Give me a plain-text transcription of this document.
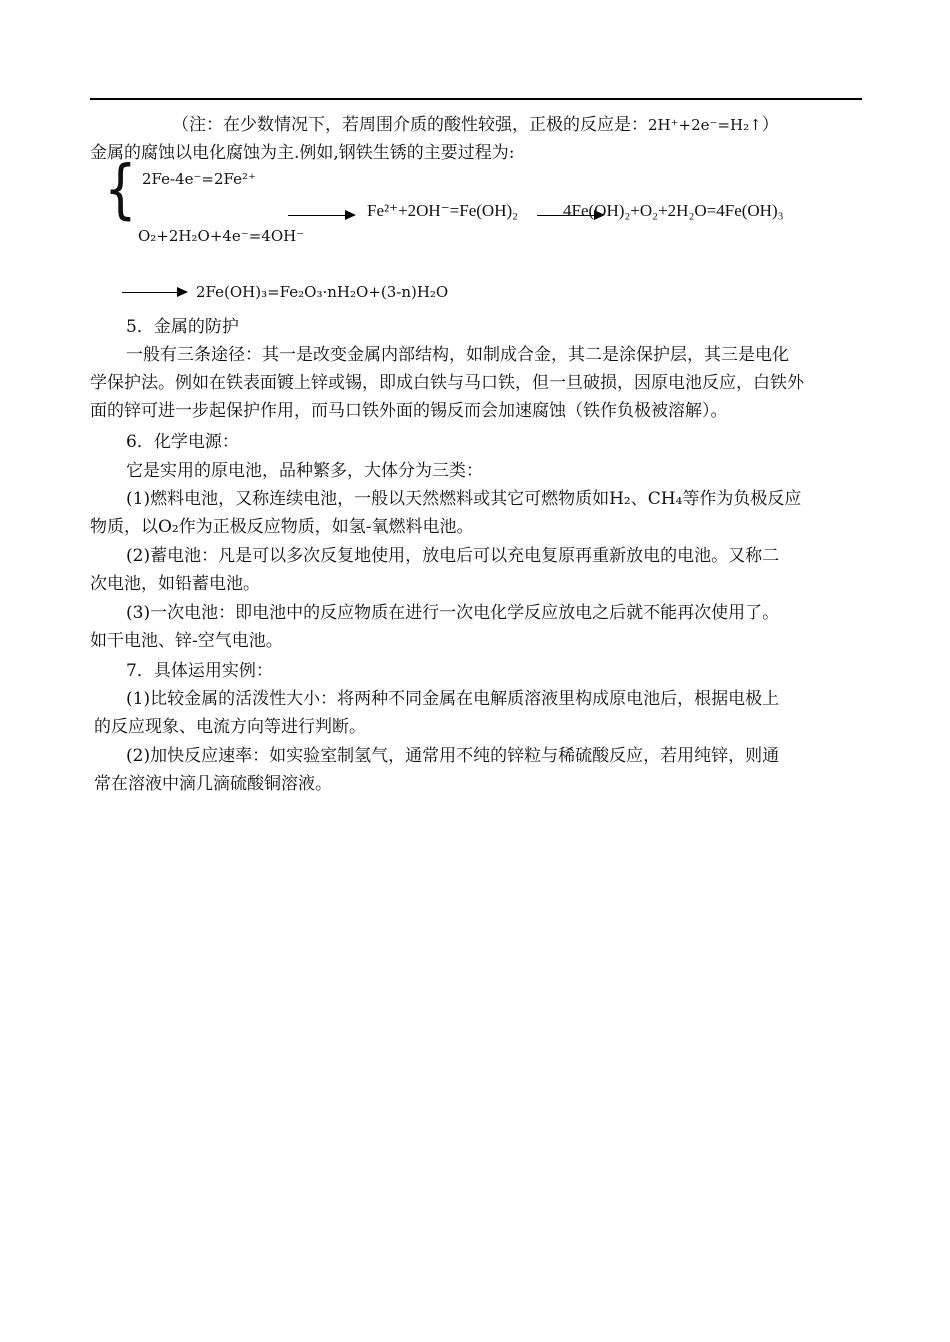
（注：在少数情况下，若周围介质的酸性较强，正极的反应是：2H⁺+2e⁻=H₂↑）
金属的腐蚀以电化腐蚀为主.例如,钢铁生锈的主要过程为:
{ 2Fe-4e⁻=2Fe²⁺
O₂+2H₂O+4e⁻=4OH⁻
Fe²⁺+2OH⁻=Fe(OH)₂	4Fe(OH)₂+O₂+2H₂O=4Fe(OH)₃
2Fe(OH)₃=Fe₂O₃·nH₂O+(3-n)H₂O
5．金属的防护
一般有三条途径：其一是改变金属内部结构，如制成合金，其二是涂保护层，其三是电化
学保护法。例如在铁表面镀上锌或锡，即成白铁与马口铁，但一旦破损，因原电池反应，白铁外
面的锌可进一步起保护作用，而马口铁外面的锡反而会加速腐蚀（铁作负极被溶解）。
6．化学电源：
它是实用的原电池，品种繁多，大体分为三类：
(1)燃料电池，又称连续电池，一般以天然燃料或其它可燃物质如H₂、CH₄等作为负极反应
物质，以O₂作为正极反应物质，如氢-氧燃料电池。
(2)蓄电池：凡是可以多次反复地使用，放电后可以充电复原再重新放电的电池。又称二
次电池，如铅蓄电池。
(3)一次电池：即电池中的反应物质在进行一次电化学反应放电之后就不能再次使用了。
如干电池、锌-空气电池。
7．具体运用实例：
(1)比较金属的活泼性大小：将两种不同金属在电解质溶液里构成原电池后，根据电极上
的反应现象、电流方向等进行判断。
(2)加快反应速率：如实验室制氢气，通常用不纯的锌粒与稀硫酸反应，若用纯锌，则通
常在溶液中滴几滴硫酸铜溶液。
